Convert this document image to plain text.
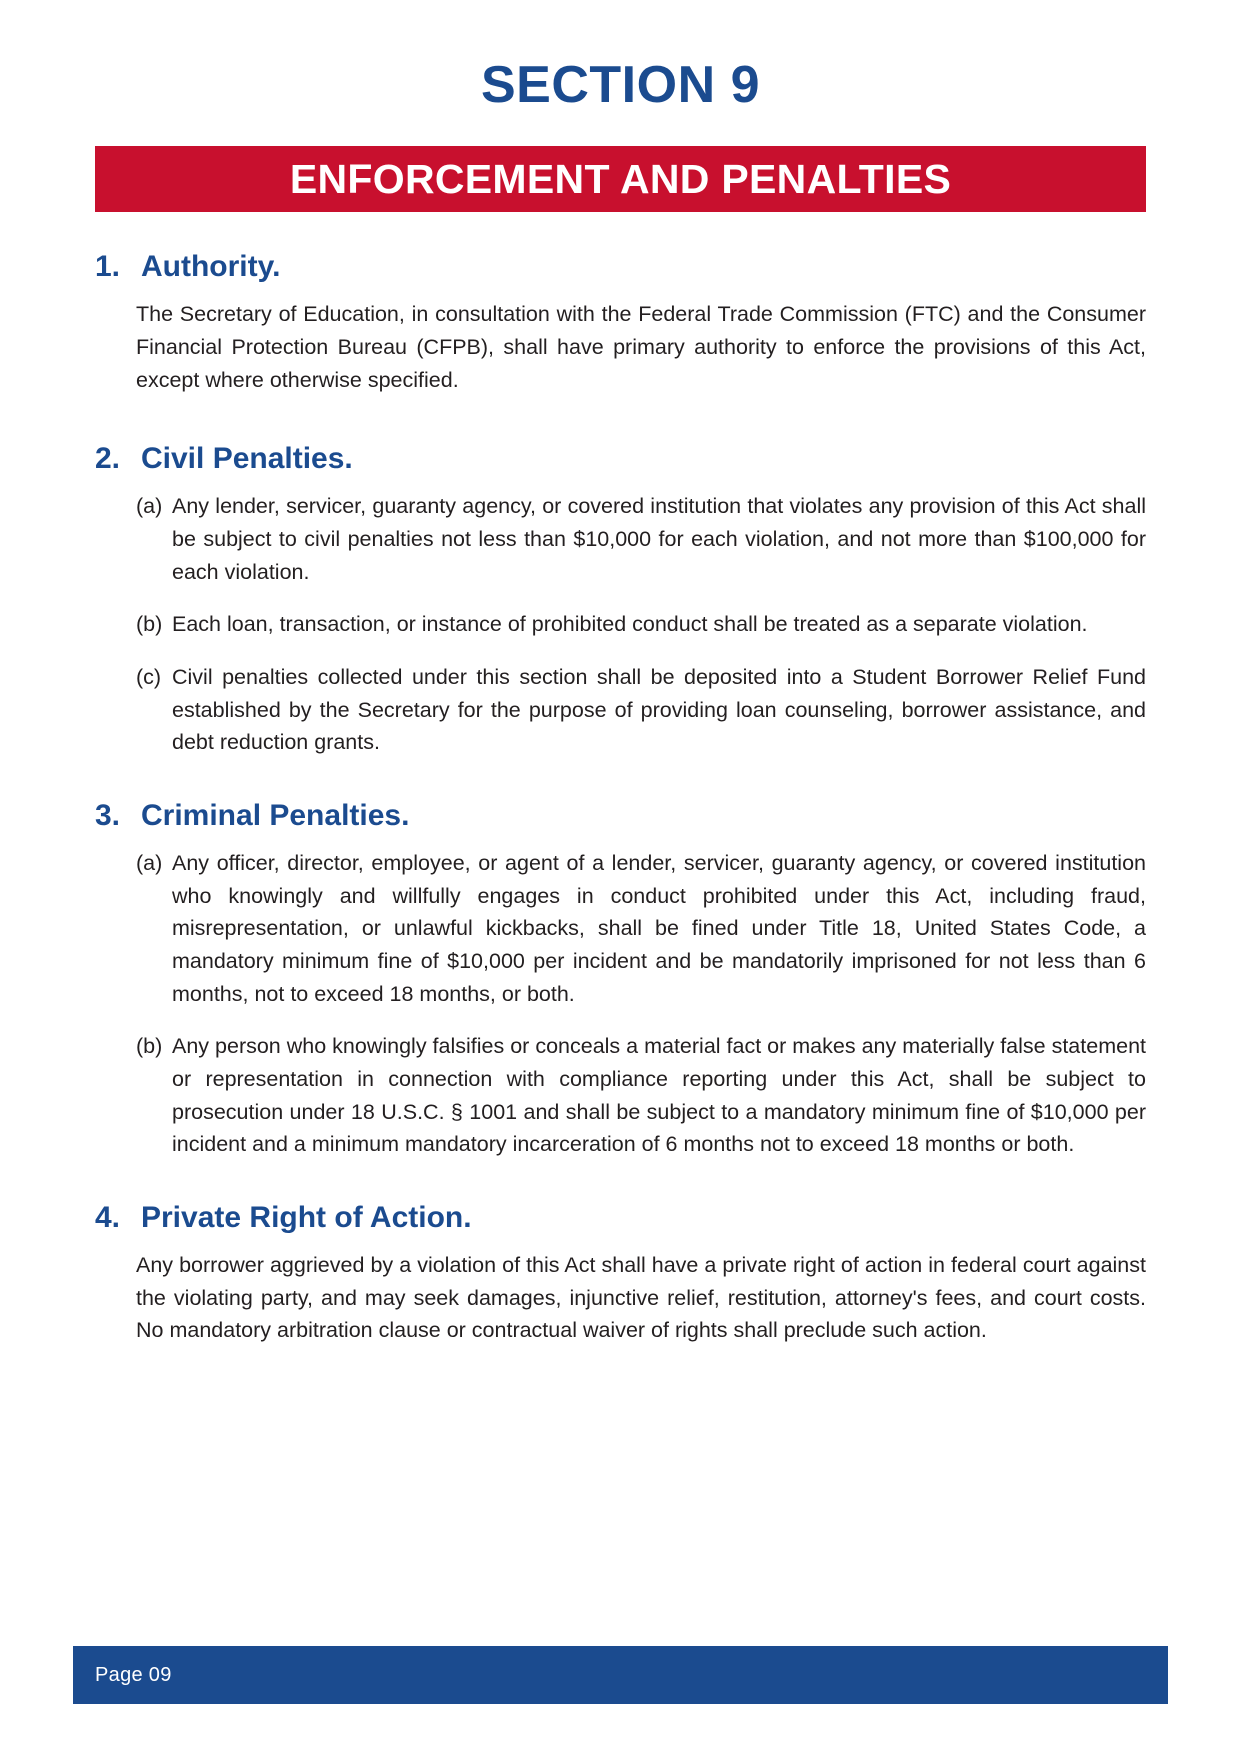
SECTION 9
ENFORCEMENT AND PENALTIES
1. Authority.

The Secretary of Education, in consultation with the Federal Trade Commission (FTC) and the Consumer Financial Protection Bureau (CFPB), shall have primary authority to enforce the provisions of this Act, except where otherwise specified.

2. Civil Penalties.
(a) Any lender, servicer, guaranty agency, or covered institution that violates any provision of this Act shall be subject to civil penalties not less than $10,000 for each violation, and not more than $100,000 for each violation.
(b) Each loan, transaction, or instance of prohibited conduct shall be treated as a separate violation.
(c) Civil penalties collected under this section shall be deposited into a Student Borrower Relief Fund established by the Secretary for the purpose of providing loan counseling, borrower assistance, and debt reduction grants.
3. Criminal Penalties.
(a) Any officer, director, employee, or agent of a lender, servicer, guaranty agency, or covered institution who knowingly and willfully engages in conduct prohibited under this Act, including fraud, misrepresentation, or unlawful kickbacks, shall be fined under Title 18, United States Code, a mandatory minimum fine of $10,000 per incident and be mandatorily imprisoned for not less than 6 months, not to exceed 18 months, or both.
(b) Any person who knowingly falsifies or conceals a material fact or makes any materially false statement or representation in connection with compliance reporting under this Act, shall be subject to prosecution under 18 U.S.C. § 1001 and shall be subject to a mandatory minimum fine of $10,000 per incident and a minimum mandatory incarceration of 6 months not to exceed 18 months or both.
4. Private Right of Action.

Any borrower aggrieved by a violation of this Act shall have a private right of action in federal court against the violating party, and may seek damages, injunctive relief, restitution, attorney's fees, and court costs. No mandatory arbitration clause or contractual waiver of rights shall preclude such action.

Page 09
